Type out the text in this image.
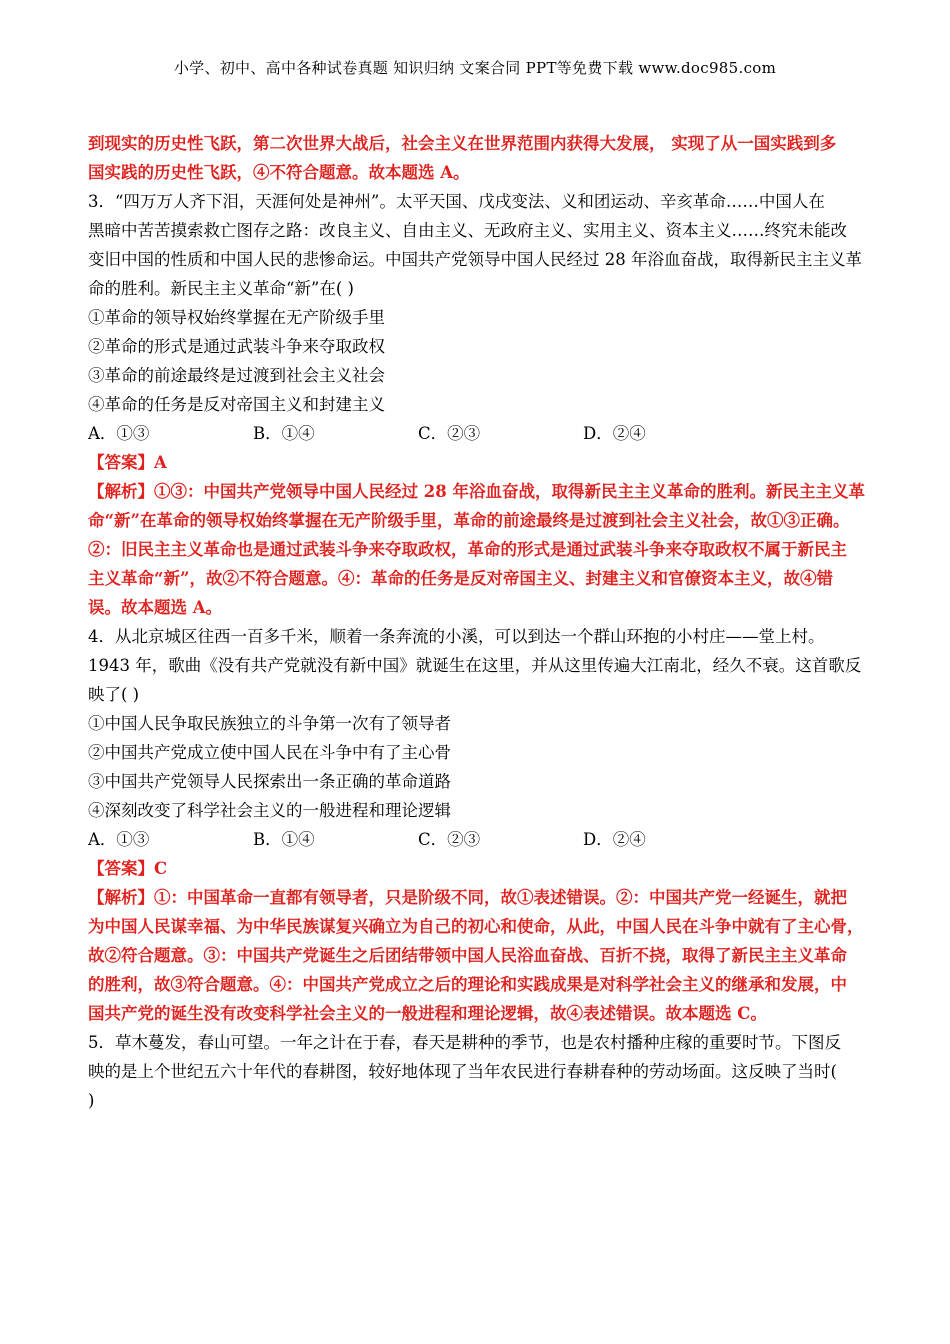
小学、初中、高中各种试卷真题 知识归纳 文案合同 PPT等免费下载 www.doc985.com
到现实的历史性飞跃，第二次世界大战后，社会主义在世界范围内获得大发展， 实现了从一国实践到多
国实践的历史性飞跃，④不符合题意。故本题选 A。
3．“四万万人齐下泪，天涯何处是神州”。太平天国、戊戌变法、义和团运动、辛亥革命……中国人在
黑暗中苦苦摸索救亡图存之路：改良主义、自由主义、无政府主义、实用主义、资本主义……终究未能改
变旧中国的性质和中国人民的悲惨命运。中国共产党领导中国人民经过 28 年浴血奋战，取得新民主主义革
命的胜利。新民主主义革命“新”在( )
①革命的领导权始终掌握在无产阶级手里
②革命的形式是通过武装斗争来夺取政权
③革命的前途最终是过渡到社会主义社会
④革命的任务是反对帝国主义和封建主义
A．①③	B．①④	C．②③	D．②④
【答案】A
【解析】①③：中国共产党领导中国人民经过 28 年浴血奋战，取得新民主主义革命的胜利。新民主主义革
命“新”在革命的领导权始终掌握在无产阶级手里，革命的前途最终是过渡到社会主义社会，故①③正确。
②：旧民主主义革命也是通过武装斗争来夺取政权，革命的形式是通过武装斗争来夺取政权不属于新民主
主义革命“新”，故②不符合题意。④：革命的任务是反对帝国主义、封建主义和官僚资本主义，故④错
误。故本题选 A。
4．从北京城区往西一百多千米，顺着一条奔流的小溪，可以到达一个群山环抱的小村庄——堂上村。
1943 年，歌曲《没有共产党就没有新中国》就诞生在这里，并从这里传遍大江南北，经久不衰。这首歌反
映了( )
①中国人民争取民族独立的斗争第一次有了领导者
②中国共产党成立使中国人民在斗争中有了主心骨
③中国共产党领导人民探索出一条正确的革命道路
④深刻改变了科学社会主义的一般进程和理论逻辑
A．①③	B．①④	C．②③	D．②④
【答案】C
【解析】①：中国革命一直都有领导者，只是阶级不同，故①表述错误。②：中国共产党一经诞生，就把
为中国人民谋幸福、为中华民族谋复兴确立为自己的初心和使命，从此，中国人民在斗争中就有了主心骨，
故②符合题意。③：中国共产党诞生之后团结带领中国人民浴血奋战、百折不挠，取得了新民主主义革命
的胜利，故③符合题意。④：中国共产党成立之后的理论和实践成果是对科学社会主义的继承和发展，中
国共产党的诞生没有改变科学社会主义的一般进程和理论逻辑，故④表述错误。故本题选 C。
5．草木蔓发，春山可望。一年之计在于春，春天是耕种的季节，也是农村播种庄稼的重要时节。下图反
映的是上个世纪五六十年代的春耕图，较好地体现了当年农民进行春耕春种的劳动场面。这反映了当时(
)
